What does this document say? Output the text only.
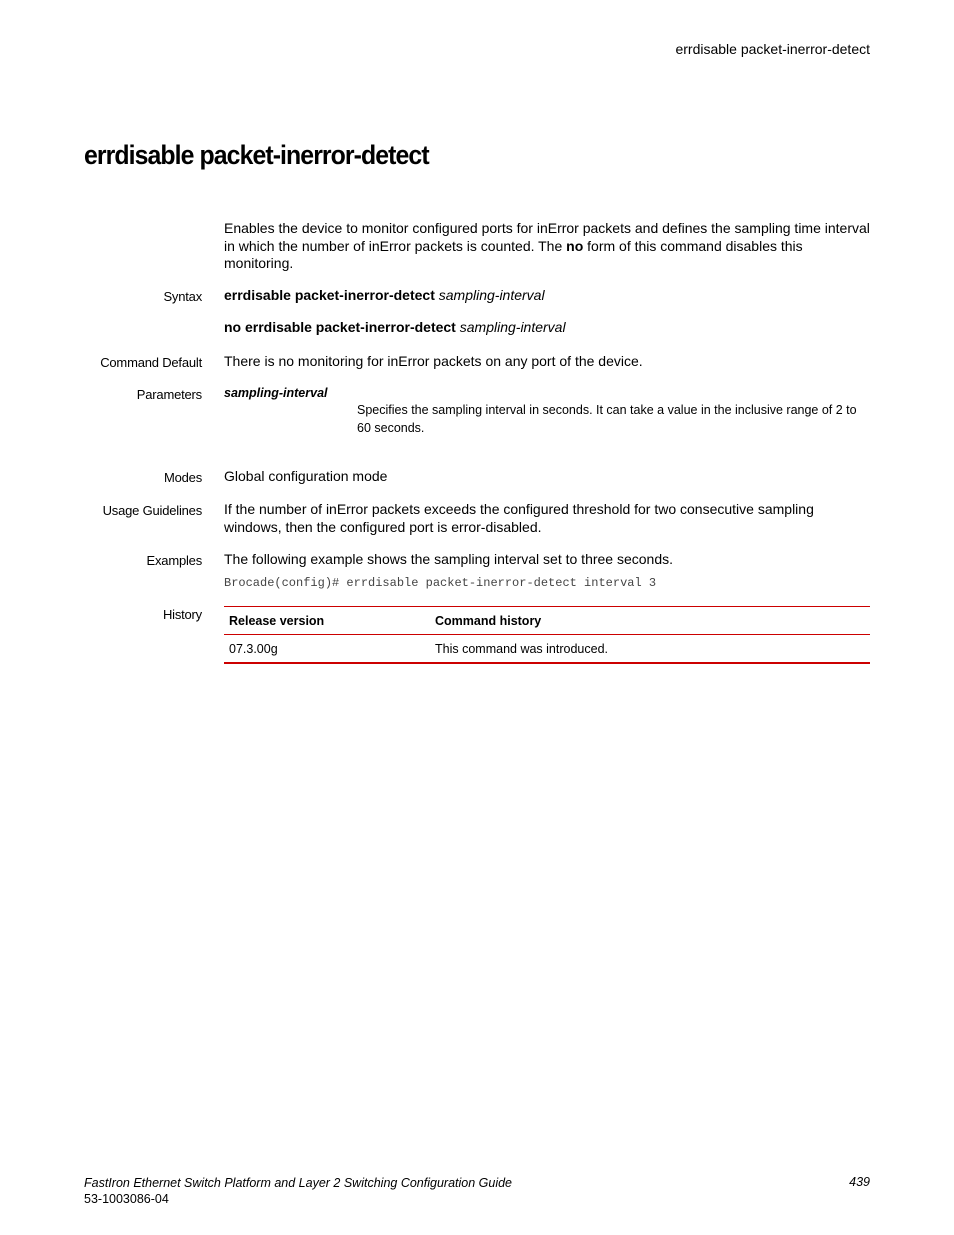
errdisable packet-inerror-detect
errdisable packet-inerror-detect

Enables the device to monitor configured ports for inError packets and defines the sampling time interval in which the number of inError packets is counted. The no form of this command disables this monitoring.

Syntax errdisable packet-inerror-detect sampling-interval

no errdisable packet-inerror-detect sampling-interval

Command Default There is no monitoring for inError packets on any port of the device.

Parameters sampling-interval
Specifies the sampling interval in seconds. It can take a value in the inclusive range of 2 to 60 seconds.
Modes Global configuration mode

Usage Guidelines If the number of inError packets exceeds the configured threshold for two consecutive sampling windows, then the configured port is error-disabled.

Examples The following example shows the sampling interval set to three seconds.

Brocade(config)# errdisable packet-inerror-detect interval 3
History Release version	Command history
07.3.00g	This command was introduced.
FastIron Ethernet Switch Platform and Layer 2 Switching Configuration Guide
53-1003086-04
439
